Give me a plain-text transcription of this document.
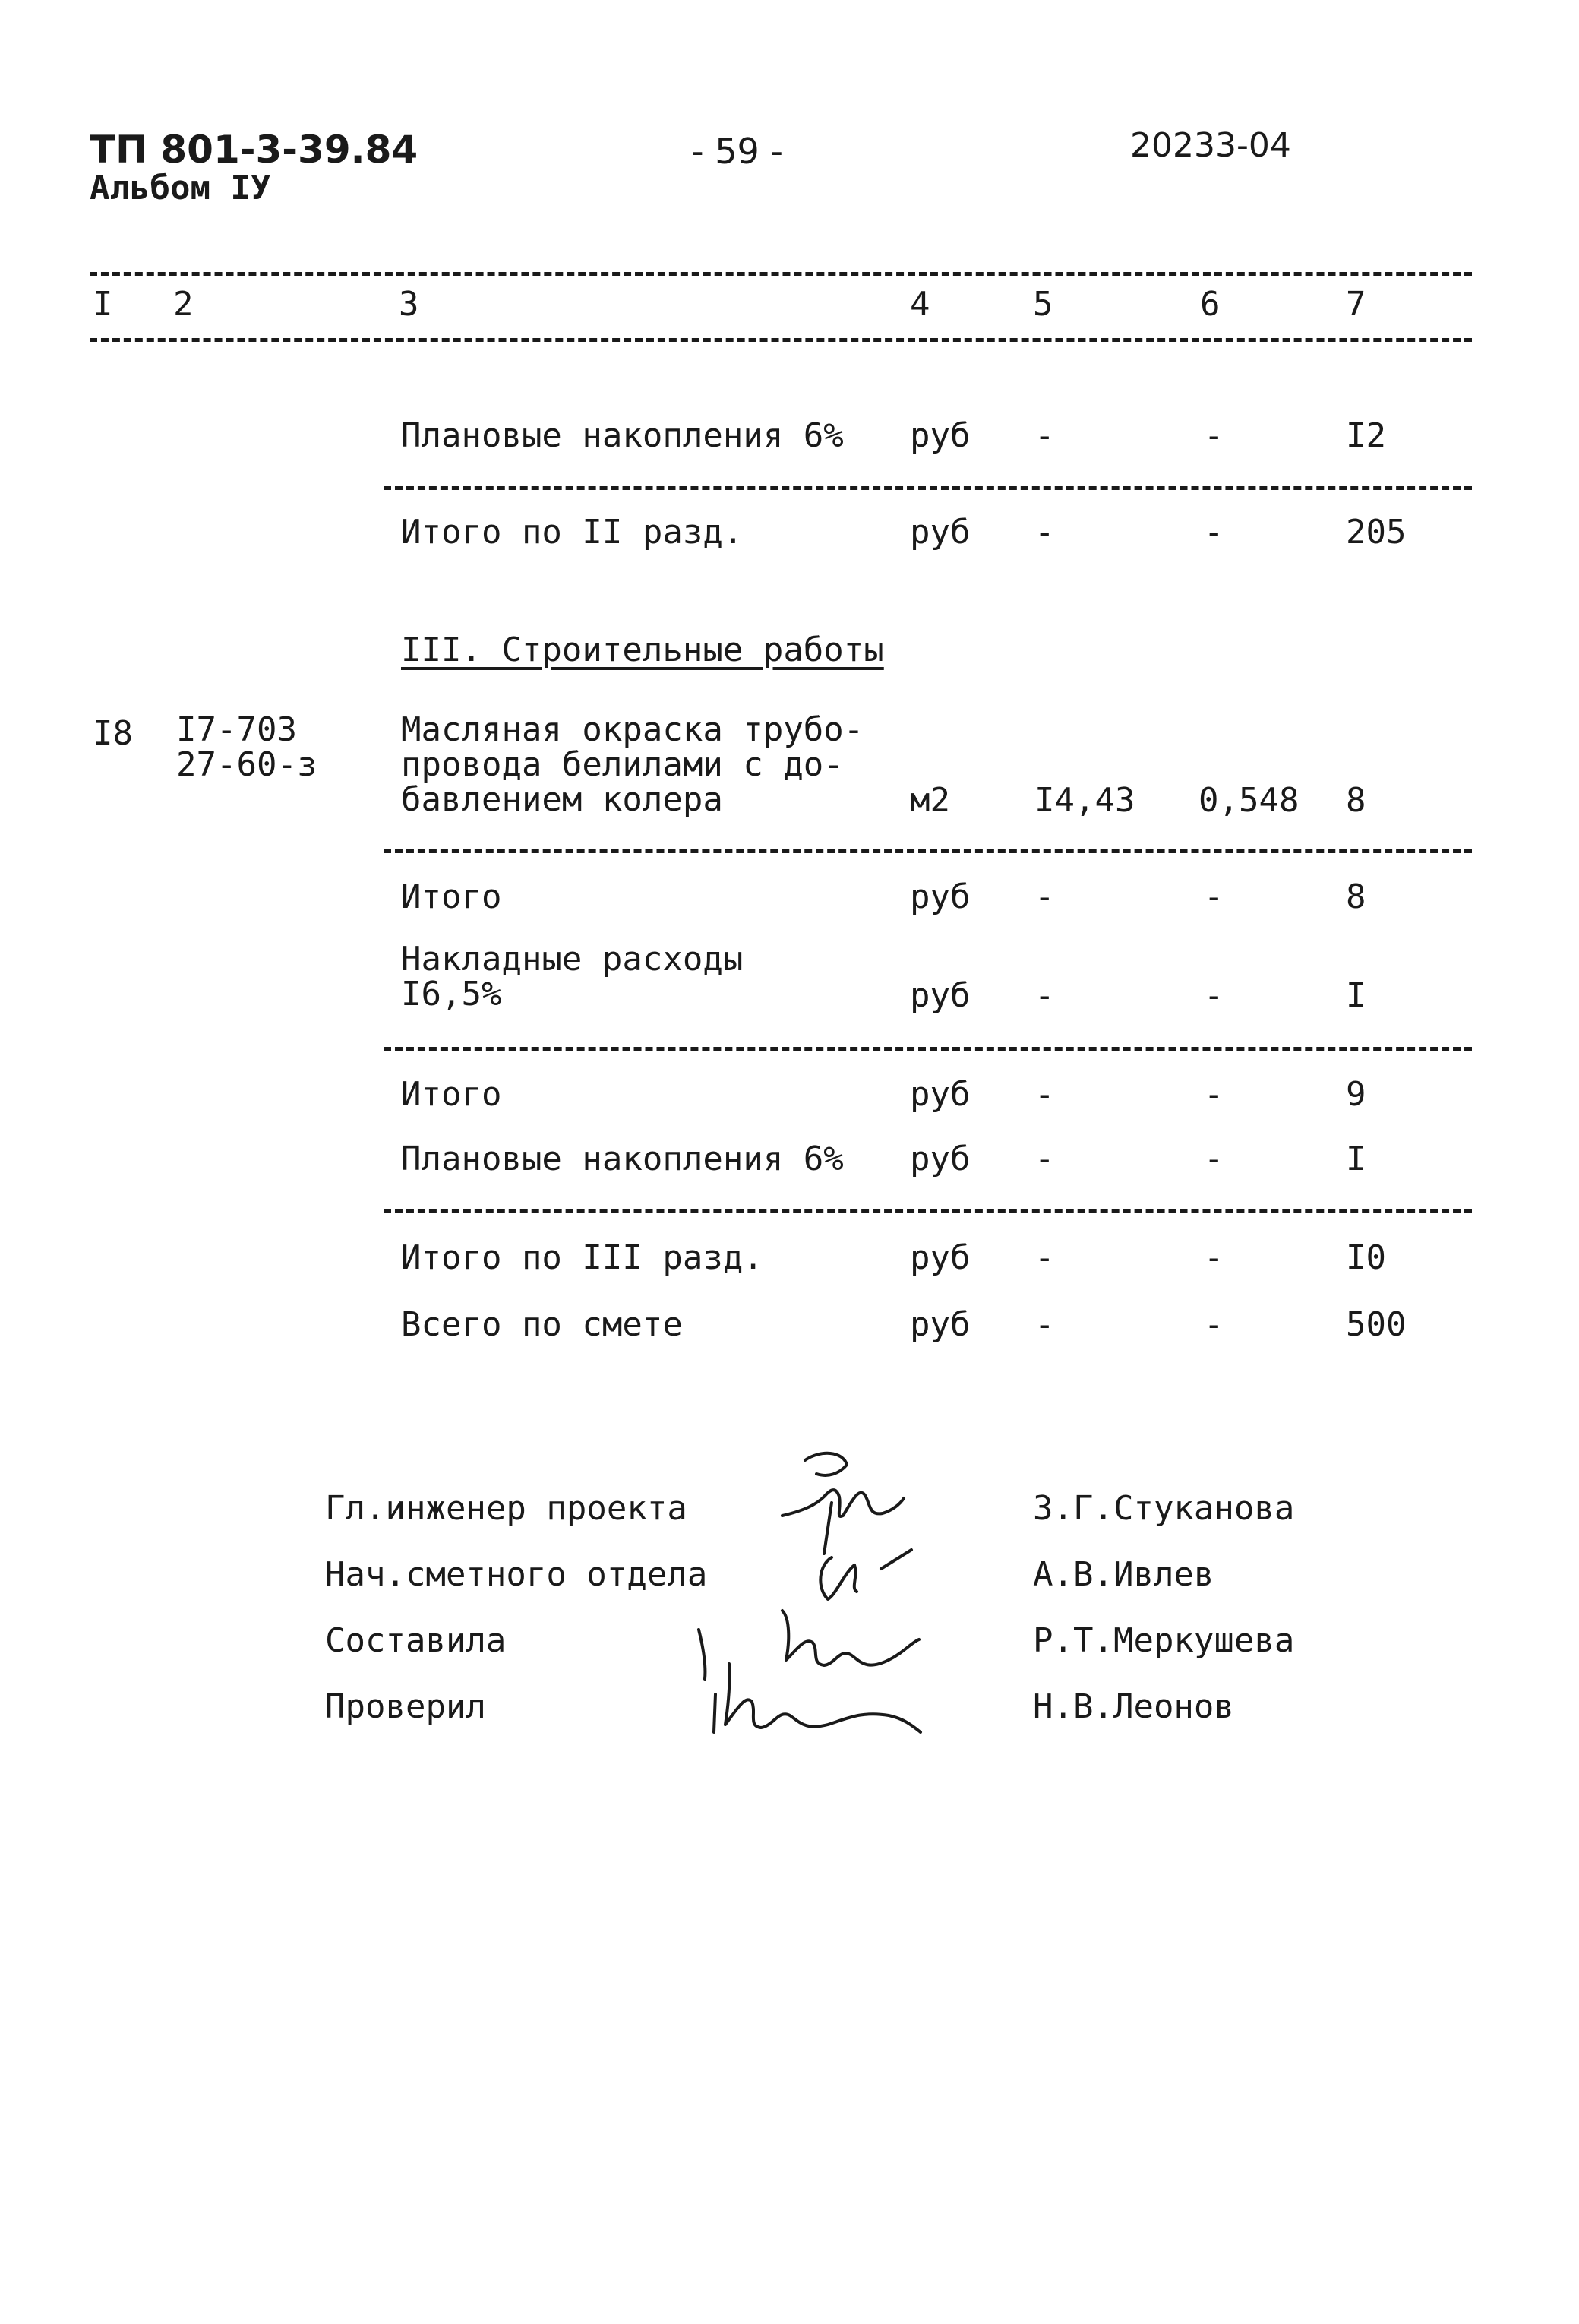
ТП 801-3-39.84
Альбом IУ
- 59 -	20233-04
I 2	3	4	5	6	7
Плановые накопления 6% руб -	-	I2
Итого по II разд.	руб -	-	205
III. Строительные работы
I8 I7-703
27-60-з
Масляная окраска трубо-
провода белилами с до-
бавлением колера	м2	I4,43 0,548 8
Итого	руб -	-	8
Накладные расходы
I6,5%	руб -	-	I
Итого	руб -	-	9
Плановые накопления 6% руб -	-	I
Итого по III разд.	руб -	-	I0
Всего по смете	руб -	-	500
Гл.инженер проекта	З.Г.Стуканова
Нач.сметного отдела	А.В.Ивлев
Составила	Р.Т.Меркушева
Проверил	Н.В.Леонов
